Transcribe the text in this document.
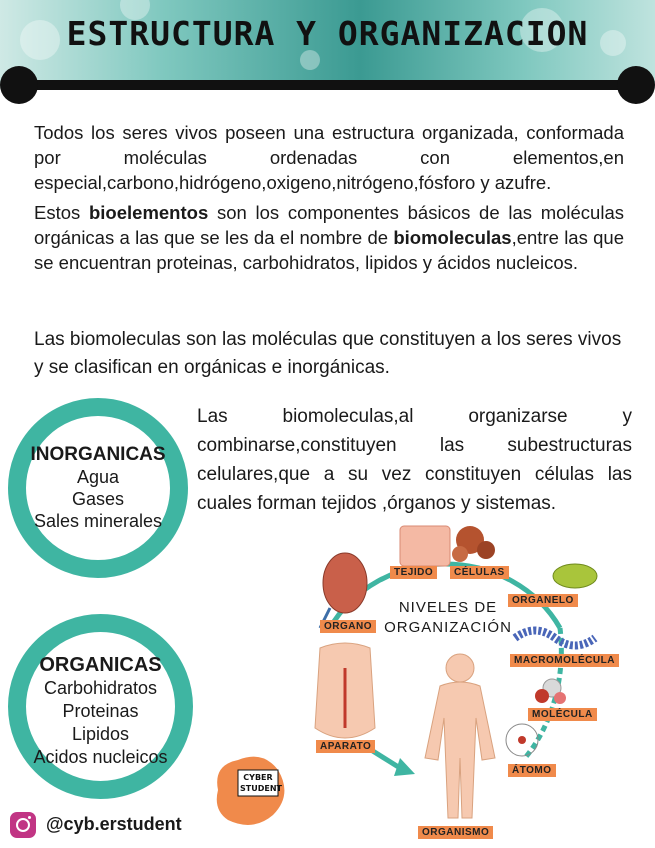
ESTRUCTURA Y ORGANIZACION
Todos los seres vivos poseen una estructura organizada, conformada por moléculas ordenadas con elementos,en especial,carbono,hidrógeno,oxigeno,nitrógeno,fósforo y azufre.
Estos bioelementos son los componentes básicos de las moléculas orgánicas a las que se les da el nombre de biomoleculas,entre las que se encuentran proteinas, carbohidratos, lipidos y ácidos nucleicos.
Las biomoleculas son las moléculas que constituyen a los seres vivos y se clasifican en orgánicas e inorgánicas.
Las biomoleculas,al organizarse y combinarse,constituyen las subestructuras celulares,que a su vez constituyen células las cuales forman tejidos ,órganos y sistemas.
INORGANICAS
Agua
Gases
Sales minerales
ORGANICAS
Carbohidratos
Proteinas
Lipidos
Acidos nucleicos
NIVELES DE
ORGANIZACIÓN
TEJIDO	CÉLULAS
ORGANELO
ORGANO
MACROMOLÉCULA
MOLÉCULA
APARATO
ÁTOMO
ORGANISMO
@cyb.erstudent
CYBER
STUDENT
